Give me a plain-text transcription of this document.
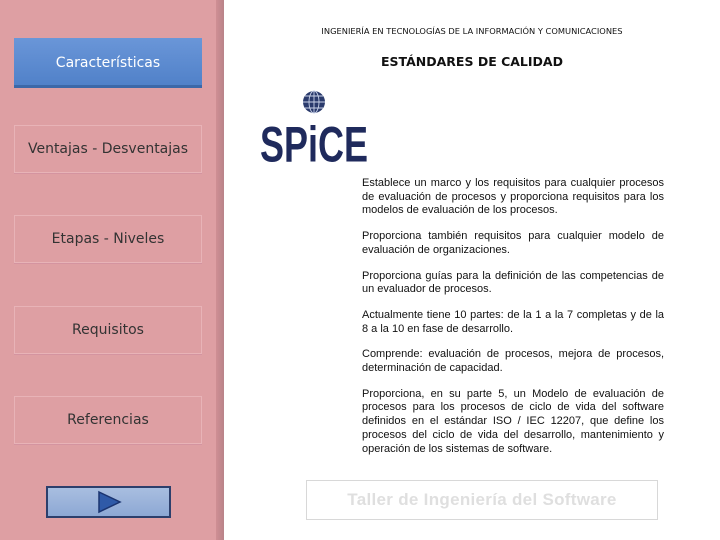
Características
Ventajas - Desventajas
Etapas - Niveles
Requisitos
Referencias
INGENIERÍA EN TECNOLOGÍAS DE LA INFORMACIÓN Y COMUNICACIONES
ESTÁNDARES DE CALIDAD
SPiCE

Establece un marco y los requisitos para cualquier procesos de evaluación de procesos y proporciona requisitos para los modelos de evaluación de los procesos.

Proporciona también requisitos para cualquier modelo de evaluación de organizaciones.

Proporciona guías para la definición de las competencias de un evaluador de procesos.

Actualmente tiene 10 partes: de la 1 a la 7 completas y de la 8 a la 10 en fase de desarrollo.

Comprende: evaluación de procesos, mejora de procesos, determinación de capacidad.

Proporciona, en su parte 5, un Modelo de evaluación de procesos para los procesos de ciclo de vida del software definidos en el estándar ISO / IEC 12207, que define los procesos del ciclo de vida del desarrollo, mantenimiento y operación de los sistemas de software.

Taller de Ingeniería del Software
